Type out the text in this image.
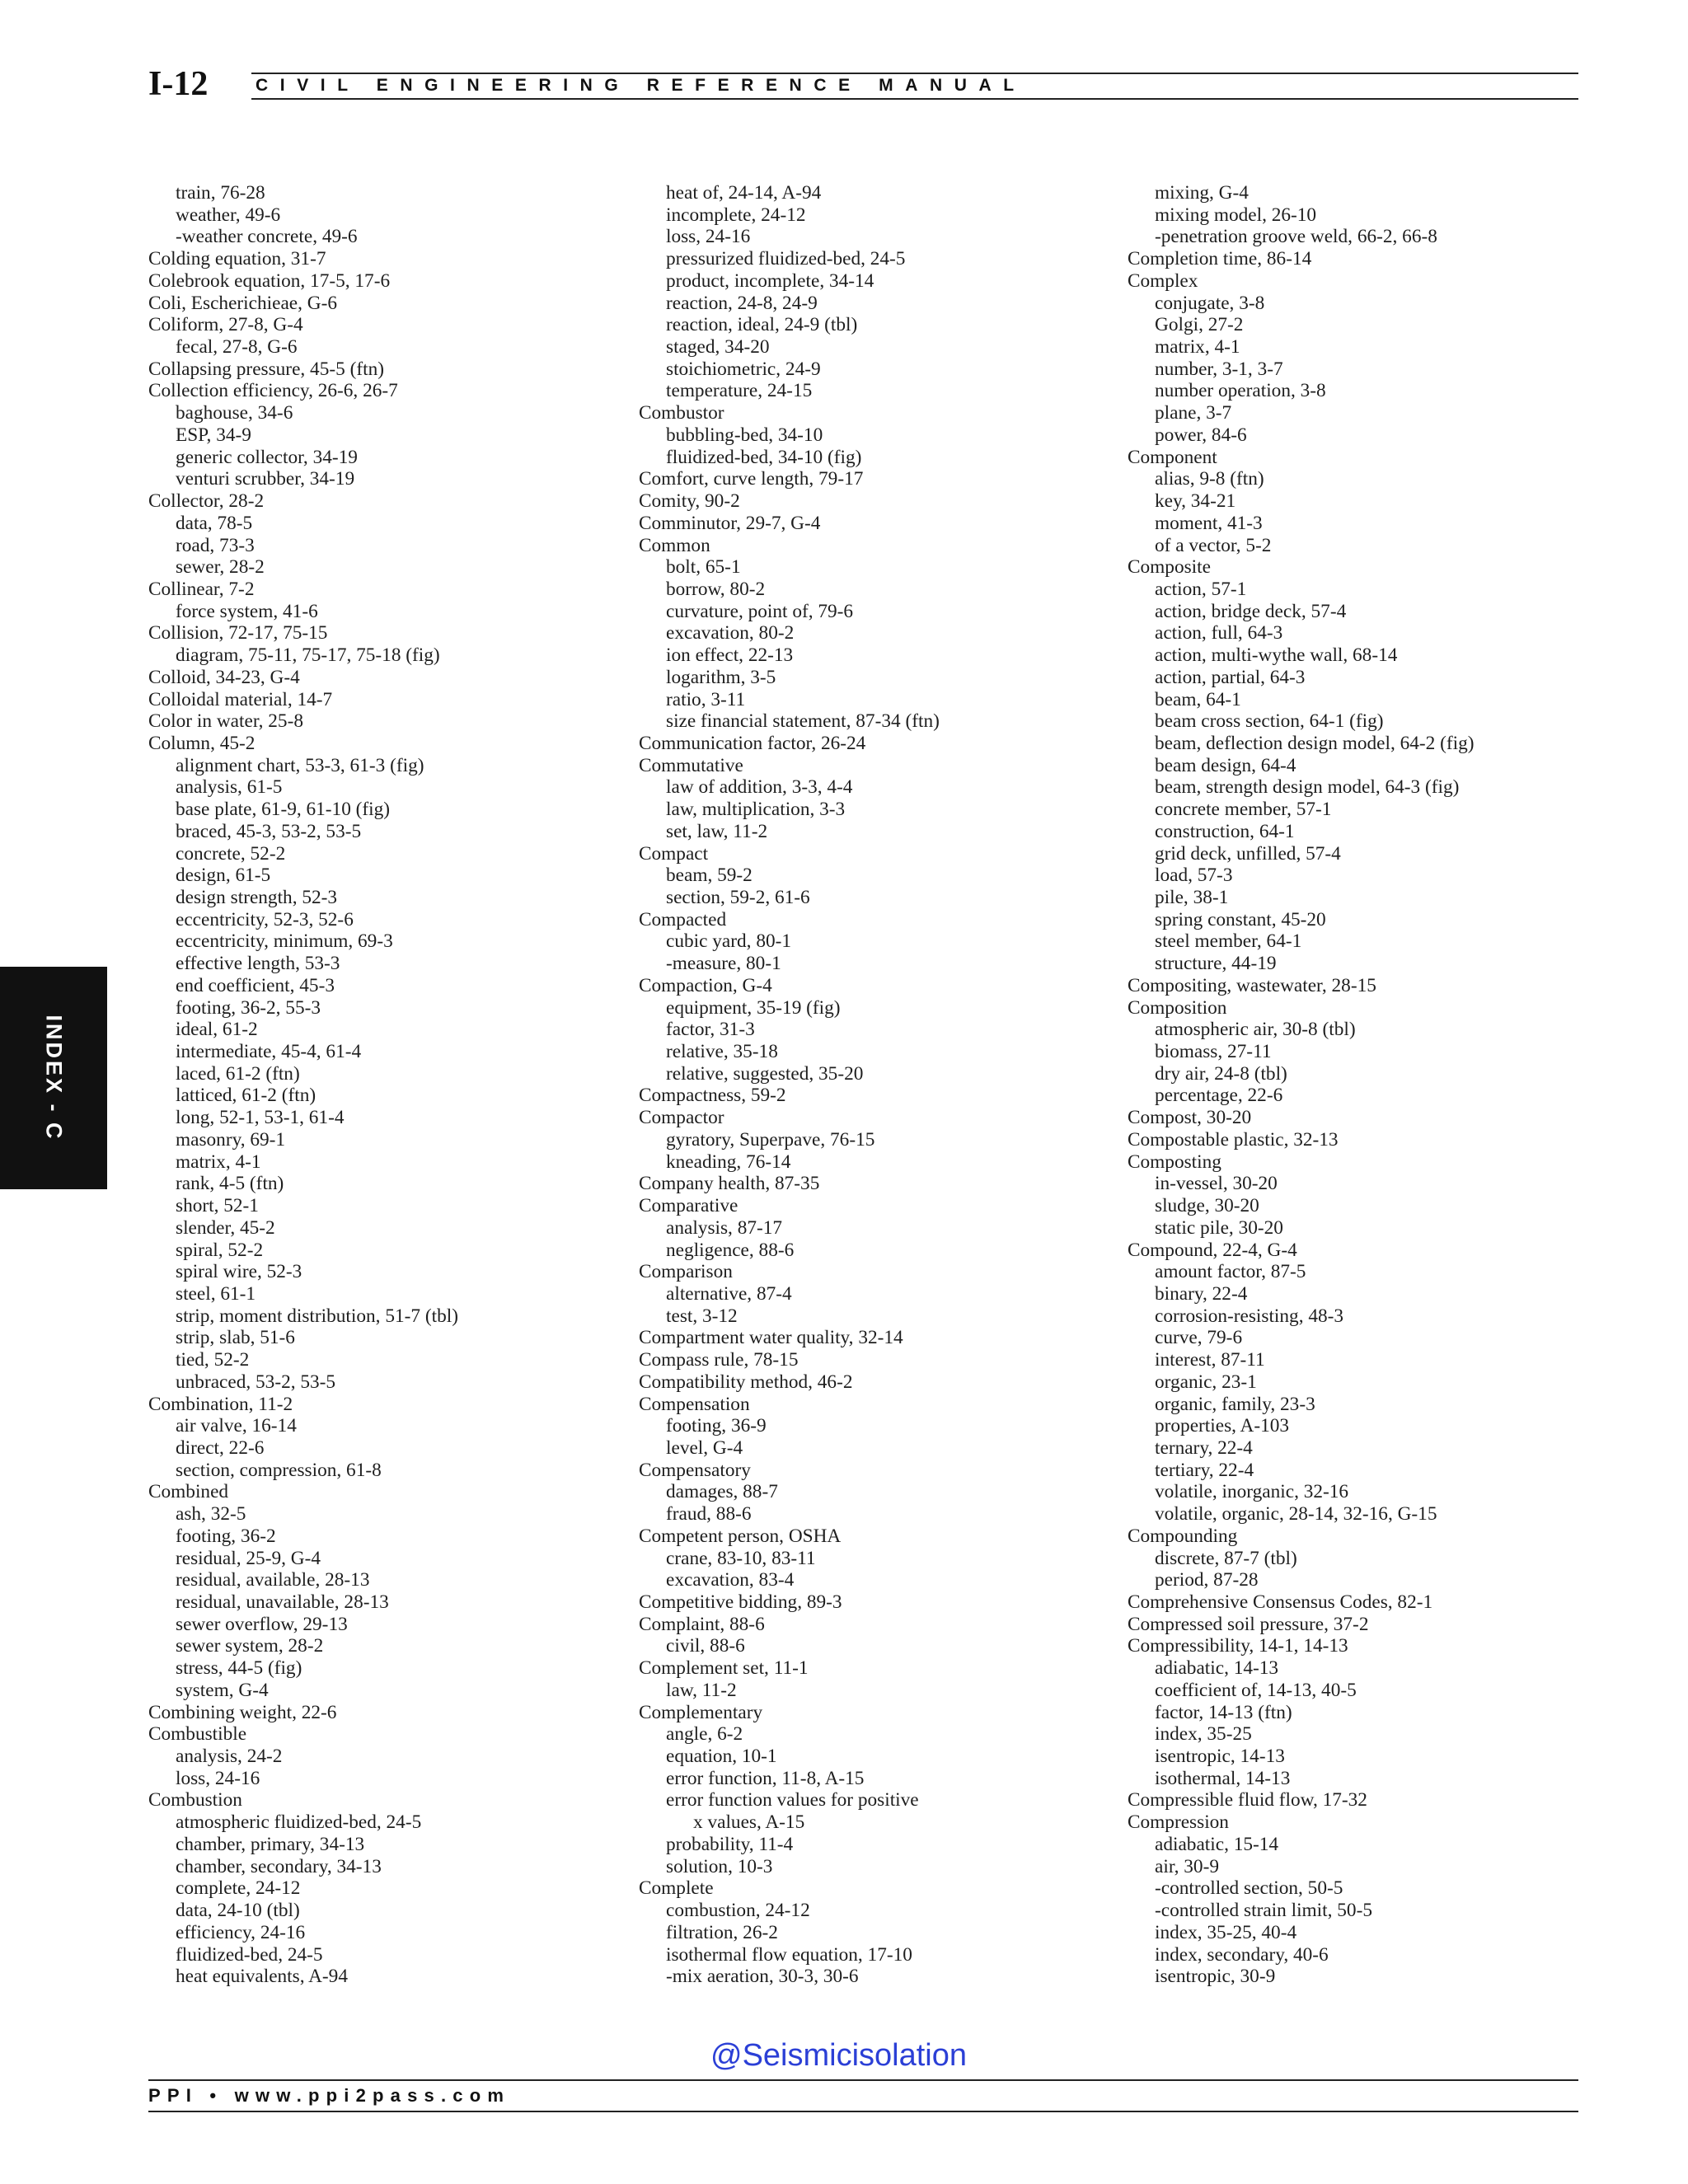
I-12	CIVIL ENGINEERING REFERENCE MANUAL
train, 76-28
weather, 49-6
-weather concrete, 49-6
Colding equation, 31-7
Colebrook equation, 17-5, 17-6
Coli, Escherichieae, G-6
Coliform, 27-8, G-4
fecal, 27-8, G-6
Collapsing pressure, 45-5 (ftn)
Collection efficiency, 26-6, 26-7
baghouse, 34-6
ESP, 34-9
generic collector, 34-19
venturi scrubber, 34-19
Collector, 28-2
data, 78-5
road, 73-3
sewer, 28-2
Collinear, 7-2
force system, 41-6
Collision, 72-17, 75-15
diagram, 75-11, 75-17, 75-18 (fig)
Colloid, 34-23, G-4
Colloidal material, 14-7
Color in water, 25-8
Column, 45-2
alignment chart, 53-3, 61-3 (fig)
analysis, 61-5
base plate, 61-9, 61-10 (fig)
braced, 45-3, 53-2, 53-5
concrete, 52-2
design, 61-5
design strength, 52-3
eccentricity, 52-3, 52-6
eccentricity, minimum, 69-3
effective length, 53-3
end coefficient, 45-3
footing, 36-2, 55-3
ideal, 61-2
intermediate, 45-4, 61-4
laced, 61-2 (ftn)
latticed, 61-2 (ftn)
long, 52-1, 53-1, 61-4
masonry, 69-1
matrix, 4-1
rank, 4-5 (ftn)
short, 52-1
slender, 45-2
spiral, 52-2
spiral wire, 52-3
steel, 61-1
strip, moment distribution, 51-7 (tbl)
strip, slab, 51-6
tied, 52-2
unbraced, 53-2, 53-5
Combination, 11-2
air valve, 16-14
direct, 22-6
section, compression, 61-8
Combined
ash, 32-5
footing, 36-2
residual, 25-9, G-4
residual, available, 28-13
residual, unavailable, 28-13
sewer overflow, 29-13
sewer system, 28-2
stress, 44-5 (fig)
system, G-4
Combining weight, 22-6
Combustible
analysis, 24-2
loss, 24-16
Combustion
atmospheric fluidized-bed, 24-5
chamber, primary, 34-13
chamber, secondary, 34-13
complete, 24-12
data, 24-10 (tbl)
efficiency, 24-16
fluidized-bed, 24-5
heat equivalents, A-94
heat of, 24-14, A-94
incomplete, 24-12
loss, 24-16
pressurized fluidized-bed, 24-5
product, incomplete, 34-14
reaction, 24-8, 24-9
reaction, ideal, 24-9 (tbl)
staged, 34-20
stoichiometric, 24-9
temperature, 24-15
Combustor
bubbling-bed, 34-10
fluidized-bed, 34-10 (fig)
Comfort, curve length, 79-17
Comity, 90-2
Comminutor, 29-7, G-4
Common
bolt, 65-1
borrow, 80-2
curvature, point of, 79-6
excavation, 80-2
ion effect, 22-13
logarithm, 3-5
ratio, 3-11
size financial statement, 87-34 (ftn)
Communication factor, 26-24
Commutative
law of addition, 3-3, 4-4
law, multiplication, 3-3
set, law, 11-2
Compact
beam, 59-2
section, 59-2, 61-6
Compacted
cubic yard, 80-1
-measure, 80-1
Compaction, G-4
equipment, 35-19 (fig)
factor, 31-3
relative, 35-18
relative, suggested, 35-20
Compactness, 59-2
Compactor
gyratory, Superpave, 76-15
kneading, 76-14
Company health, 87-35
Comparative
analysis, 87-17
negligence, 88-6
Comparison
alternative, 87-4
test, 3-12
Compartment water quality, 32-14
Compass rule, 78-15
Compatibility method, 46-2
Compensation
footing, 36-9
level, G-4
Compensatory
damages, 88-7
fraud, 88-6
Competent person, OSHA
crane, 83-10, 83-11
excavation, 83-4
Competitive bidding, 89-3
Complaint, 88-6
civil, 88-6
Complement set, 11-1
law, 11-2
Complementary
angle, 6-2
equation, 10-1
error function, 11-8, A-15
error function values for positive
x values, A-15
probability, 11-4
solution, 10-3
Complete
combustion, 24-12
filtration, 26-2
isothermal flow equation, 17-10
-mix aeration, 30-3, 30-6
mixing, G-4
mixing model, 26-10
-penetration groove weld, 66-2, 66-8
Completion time, 86-14
Complex
conjugate, 3-8
Golgi, 27-2
matrix, 4-1
number, 3-1, 3-7
number operation, 3-8
plane, 3-7
power, 84-6
Component
alias, 9-8 (ftn)
key, 34-21
moment, 41-3
of a vector, 5-2
Composite
action, 57-1
action, bridge deck, 57-4
action, full, 64-3
action, multi-wythe wall, 68-14
action, partial, 64-3
beam, 64-1
beam cross section, 64-1 (fig)
beam, deflection design model, 64-2 (fig)
beam design, 64-4
beam, strength design model, 64-3 (fig)
concrete member, 57-1
construction, 64-1
grid deck, unfilled, 57-4
load, 57-3
pile, 38-1
spring constant, 45-20
steel member, 64-1
structure, 44-19
Compositing, wastewater, 28-15
Composition
atmospheric air, 30-8 (tbl)
biomass, 27-11
dry air, 24-8 (tbl)
percentage, 22-6
Compost, 30-20
Compostable plastic, 32-13
Composting
in-vessel, 30-20
sludge, 30-20
static pile, 30-20
Compound, 22-4, G-4
amount factor, 87-5
binary, 22-4
corrosion-resisting, 48-3
curve, 79-6
interest, 87-11
organic, 23-1
organic, family, 23-3
properties, A-103
ternary, 22-4
tertiary, 22-4
volatile, inorganic, 32-16
volatile, organic, 28-14, 32-16, G-15
Compounding
discrete, 87-7 (tbl)
period, 87-28
Comprehensive Consensus Codes, 82-1
Compressed soil pressure, 37-2
Compressibility, 14-1, 14-13
adiabatic, 14-13
coefficient of, 14-13, 40-5
factor, 14-13 (ftn)
index, 35-25
isentropic, 14-13
isothermal, 14-13
Compressible fluid flow, 17-32
Compression
adiabatic, 15-14
air, 30-9
-controlled section, 50-5
-controlled strain limit, 50-5
index, 35-25, 40-4
index, secondary, 40-6
isentropic, 30-9
INDEX - C
@Seismicisolation
PPI • www.ppi2pass.com
